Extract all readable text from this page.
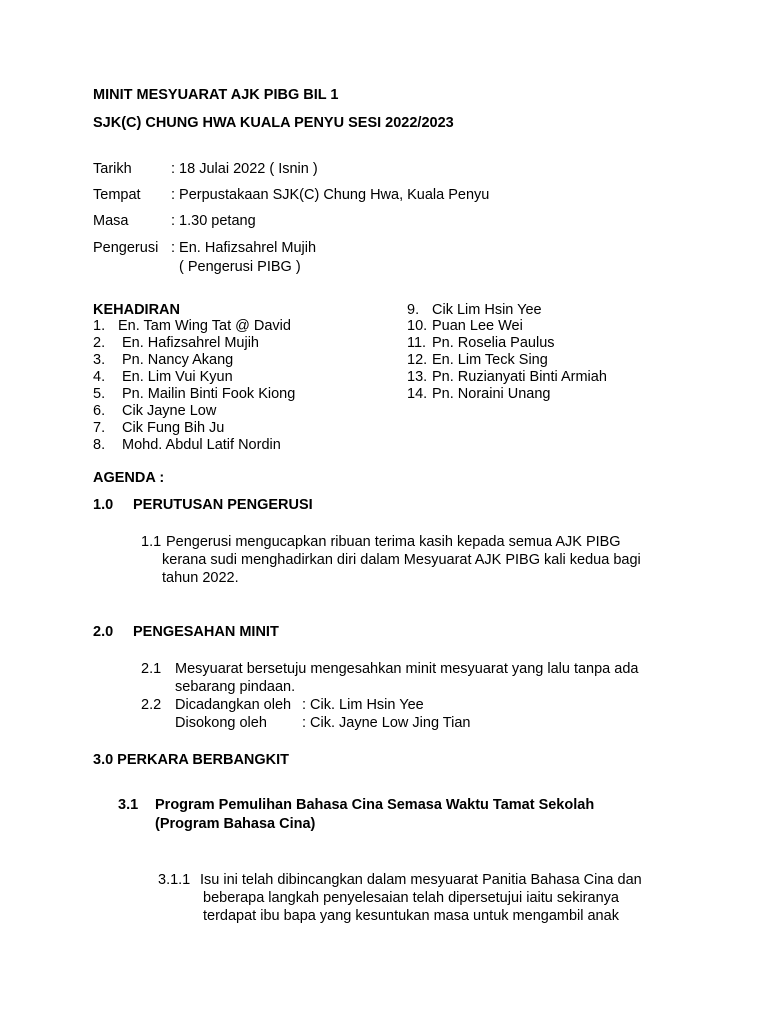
MINIT MESYUARAT AJK PIBG BIL 1
SJK(C) CHUNG HWA KUALA PENYU SESI 2022/2023
Tarikh	: 18 Julai 2022 ( Isnin )
Tempat : Perpustakaan SJK(C) Chung Hwa, Kuala Penyu
Masa	: 1.30 petang
Pengerusi : En. Hafizsahrel Mujih
( Pengerusi PIBG )
KEHADIRAN
1. En. Tam Wing Tat @ David
2. En. Hafizsahrel Mujih
3. Pn. Nancy Akang
4. En. Lim Vui Kyun
5. Pn. Mailin Binti Fook Kiong
6. Cik Jayne Low
7. Cik Fung Bih Ju
8. Mohd. Abdul Latif Nordin
9. Cik Lim Hsin Yee
10. Puan Lee Wei
11. Pn. Roselia Paulus
12. En. Lim Teck Sing
13. Pn. Ruzianyati Binti Armiah
14. Pn. Noraini Unang
AGENDA :
1.0 PERUTUSAN PENGERUSI
1.1 Pengerusi mengucapkan ribuan terima kasih kepada semua AJK PIBG
kerana sudi menghadirkan diri dalam Mesyuarat AJK PIBG kali kedua bagi
tahun 2022.
2.0 PENGESAHAN MINIT
2.1 Mesyuarat bersetuju mengesahkan minit mesyuarat yang lalu tanpa ada
sebarang pindaan.
2.2 Dicadangkan oleh : Cik. Lim Hsin Yee
Disokong oleh : Cik. Jayne Low Jing Tian
3.0 PERKARA BERBANGKIT
3.1 Program Pemulihan Bahasa Cina Semasa Waktu Tamat Sekolah
(Program Bahasa Cina)
3.1.1 Isu ini telah dibincangkan dalam mesyuarat Panitia Bahasa Cina dan
beberapa langkah penyelesaian telah dipersetujui iaitu sekiranya
terdapat ibu bapa yang kesuntukan masa untuk mengambil anak
